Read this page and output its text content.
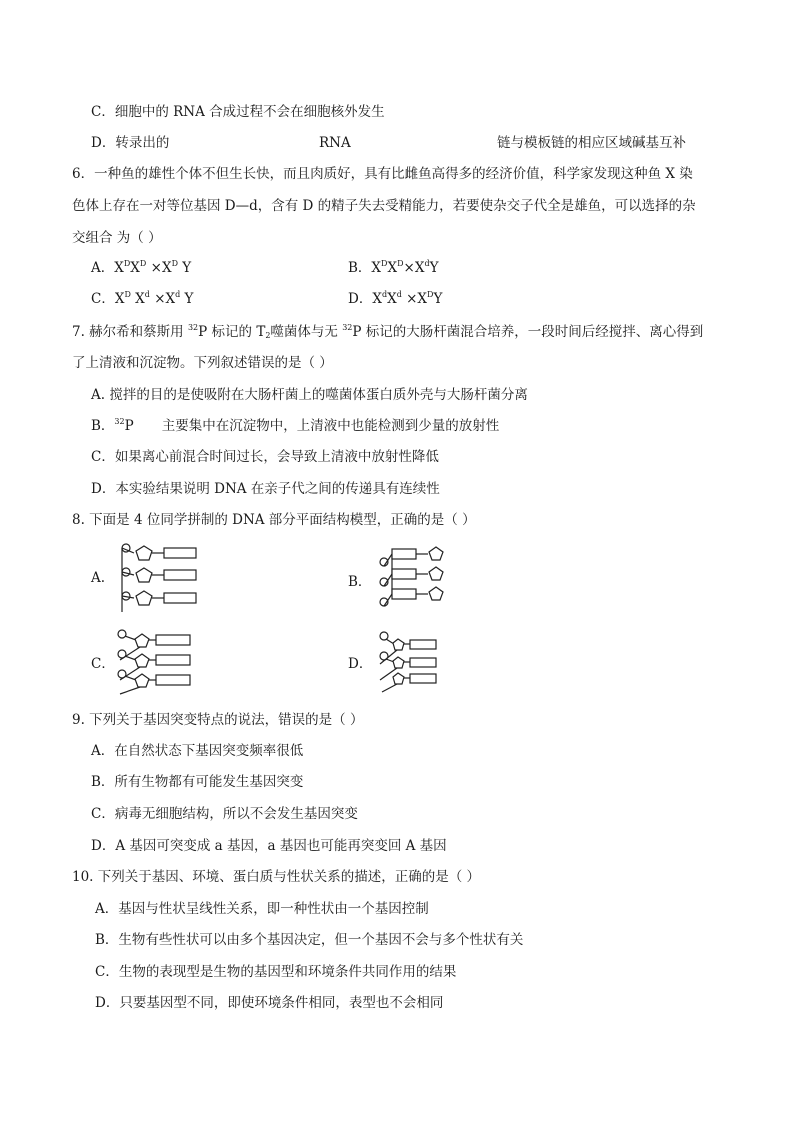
C．细胞中的 RNA 合成过程不会在细胞核外发生
D．转录出的	RNA	链与模板链的相应区域碱基互补
6．一种鱼的雄性个体不但生长快，而且肉质好，具有比雌鱼高得多的经济价值，科学家发现这种鱼 X 染
色体上存在一对等位基因 D—d，含有 D 的精子失去受精能力，若要使杂交子代全是雄鱼，可以选择的杂
交组合 为（ ）
A．$X^DX^D \times X^D$ Y	B．$X^DX^D\times X^dY$
C．$X^D$ $X^d \times X^d$ Y	D．$X^dX^d \times X^DY$
7. 赫尔希和蔡斯用 $^{32}$P 标记的 $T_2$噬菌体与无 $^{32}$P 标记的大肠杆菌混合培养，一段时间后经搅拌、离心得到
了上清液和沉淀物。下列叙述错误的是（ ）
A. 搅拌的目的是使吸附在大肠杆菌上的噬菌体蛋白质外壳与大肠杆菌分离
B．$^{32}$P 主要集中在沉淀物中，上清液中也能检测到少量的放射性
C．如果离心前混合时间过长，会导致上清液中放射性降低
D．本实验结果说明 DNA 在亲子代之间的传递具有连续性
8. 下面是 4 位同学拼制的 DNA 部分平面结构模型，正确的是（ ）
A.	B．
C．	D．
9. 下列关于基因突变特点的说法，错误的是（ ）
A．在自然状态下基因突变频率很低
B．所有生物都有可能发生基因突变
C．病毒无细胞结构，所以不会发生基因突变
D．A 基因可突变成 a 基因，a 基因也可能再突变回 A 基因
10. 下列关于基因、环境、蛋白质与性状关系的描述，正确的是（ ）
A．基因与性状呈线性关系，即一种性状由一个基因控制
B．生物有些性状可以由多个基因决定，但一个基因不会与多个性状有关
C．生物的表现型是生物的基因型和环境条件共同作用的结果
D．只要基因型不同，即使环境条件相同，表型也不会相同
